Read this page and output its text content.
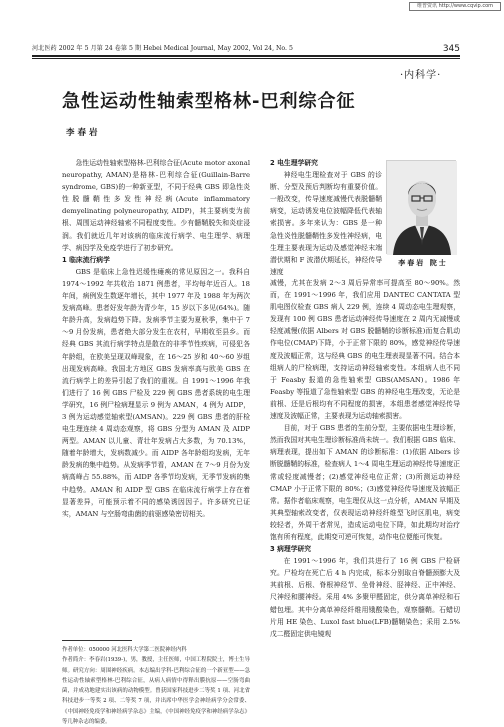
维普资讯 http://www.cqvip.com
河北医药 2002 年 5 月第 24 卷第 5 期 Hebei Medical Journal, May 2002, Vol 24, No. 5	345
·内科学·
急性运动性轴索型格林-巴利综合征
李春岩

急性运动性轴索型格林-巴利综合征(Acute motor axonal neuropathy, AMAN)是格林-巴利综合征(Guillain-Barre syndrome, GBS)的一种新亚型，不同于经典 GBS 即急性炎性脱髓鞘性多发性神经病(Acute inflammatory demyelinating polyneuropathy, AIDP)，其主要病变为前根、周围运动神经轴索不同程度变性。少有髓鞘脱失和炎症浸润。我们就近几年对该病的临床流行病学、电生理学、病理学、病因学及免疫学进行了初步研究。

1 临床流行病学

GBS 是临床上急性迟缓性瘫痪的常见原因之一。我科自 1974～1992 年共收治 1871 例患者，平均每年近百人。18 年间，病例发生数逐年增长，其中 1977 年及 1988 年为两次发病高峰。患者好发年龄为青少年，15 岁以下多见(64%)。随年龄升高，发病趋势下降。发病季节主要为夏秋季，集中于 7～9 月份发病，患者绝大部分发生在农村，早期收至县乡。而经典 GBS 其流行病学特点是散在的非季节性疾病，可侵犯各年龄组，在欧美呈现双峰现象，在 16～25 岁和 40～60 岁组出现发病高峰。我国北方地区 GBS 发病率高与欧美 GBS 在流行病学上的差异引起了我们的重视。自 1991～1996 年我们进行了 16 例 GBS 尸检及 229 例 GBS 患者系统的电生理学研究，16 例尸检病理显示 9 例为 AMAN，4 例为 AIDP，3 例为运动感觉轴索型(AMSAN)。229 例 GBS 患者的肝检电生理连续 4 周动态观察，将 GBS 分型为 AMAN 及 AIDP 两型。AMAN 以儿童、青壮年发病占大多数，为 70.13%，随着年龄增大，发病数减少。而 AIDP 各年龄组均发病，无年龄发病的集中趋势。从发病季节看，AMAN 在 7～9 月份为发病高峰占 55.88%，而 AIDP 各季节均发病，无季节发病的集中趋势。AMAN 和 AIDP 型 GBS 在临床流行病学上存在着显著差异，可能预示着不同的感染诱因因子。许多研究已证实，AMAN 与空肠弯曲菌的前驱感染密切相关。

2 电生理学研究

神经电生理检查对于 GBS 的诊断、分型及预后判断均有重要价值。一般改变，传导速度减慢代表脱髓鞘病变，运动诱发电位波幅降低代表轴索损害。多年来认为：GBS 是一种急性炎性脱髓鞘性多发性神经病，电生理主要表现为运动及感觉神经末端潜伏期和 F 波潜伏期延长，神经传导速度

李春岩 院士

减慢，尤其在发病 2～3 周后异常率可提高至 80～90%。然而，在 1991～1996 年，我们应用 DANTEC CANTATA 型肌电图仪检查 GBS 病人 229 例，连续 4 周动态电生理观察，发现有 100 例 GBS 患者运动神经传导速度在 2 周内无减慢或轻度减慢(依据 Albers 对 GBS 脱髓鞘的诊断标准)而复合肌动作电位(CMAP)下降，小于正常下限的 80%，感觉神经传导速度及波幅正常，这与经典 GBS 的电生理表现显著不同。结合本组病人的尸检病理，支持运动神经轴索变性。本组病人也不同于 Feasby 报道的急性轴索型 GBS(AMSAN)。1986 年 Feasby 等报道了急性轴索型 GBS 的神经电生理改变，无论是前根、还是后根均有不同程度的损害，本组患者感觉神经传导速度及波幅正常，主要表现为运动轴索损害。

目前，对于 GBS 患者的生前分型，主要依据电生理诊断，然而我国对其电生理诊断标准尚未统一。我们根据 GBS 临床、病理表现，提出如下 AMAN 的诊断标准：(1)依据 Albers 诊断脱髓鞘的标准，检查病人 1～4 周电生理运动神经传导速度正常或轻度减慢者；(2)感觉神经电位正常；(3)所测运动神经 CMAP 小于正常下限的 80%；(3)感觉神经传导速度及波幅正常。据作者临床观察，电生理仅从这一点分析，AMAN 早期及其典型轴索改变者，仅表现运动神经纤维型飞时区肌电，病变较轻者，外周干者常见，造成运动电位下降，如此期均对治疗饱有所有程度，此期变可逆可恢复，动作电位便能可恢复。

3 病理学研究

在 1991～1996 年，我们共进行了 16 例 GBS 尸检研究。尸检均在死亡后 4 h 内完成，标本分别取自脊髓颈膨大及其前根、后根、脊根神经节、坐骨神经、胫神经、正中神经、尺神经和腰神经。采用 4% 多聚甲醛固定，供分离单神经和石蜡包埋。其中分离单神经纤维用锇酸染色，观察髓鞘。石蜡切片用 HE 染色、Luxol fast blue(LFB)髓鞘染色；采用 2.5% 戊二醛固定供电镜观

作者单位：050000 河北医科大学第二医院神经内科

作者简介：李春岩(1939-)，男，教授，主任医师，中国工程院院士，博士生导师。研究方向：周围神经疾病。本志编出学科-巴利综合征的一个新亚型——急性运动性轴索型格林-巴利综合征，从病人病情中得释出膜抗原——空肠弯曲菌，并成功地建实出该病的动物模型。曾获国家科技进步二等奖 1 项、河北省科技进步一等奖 2 项、二等奖 7 项，并出席中华医学会神经病学分会常委、《中国神经免疫学和神经病学杂志》主编，《中国神经免疫学和神经病学杂志》等几种杂志的编委。
